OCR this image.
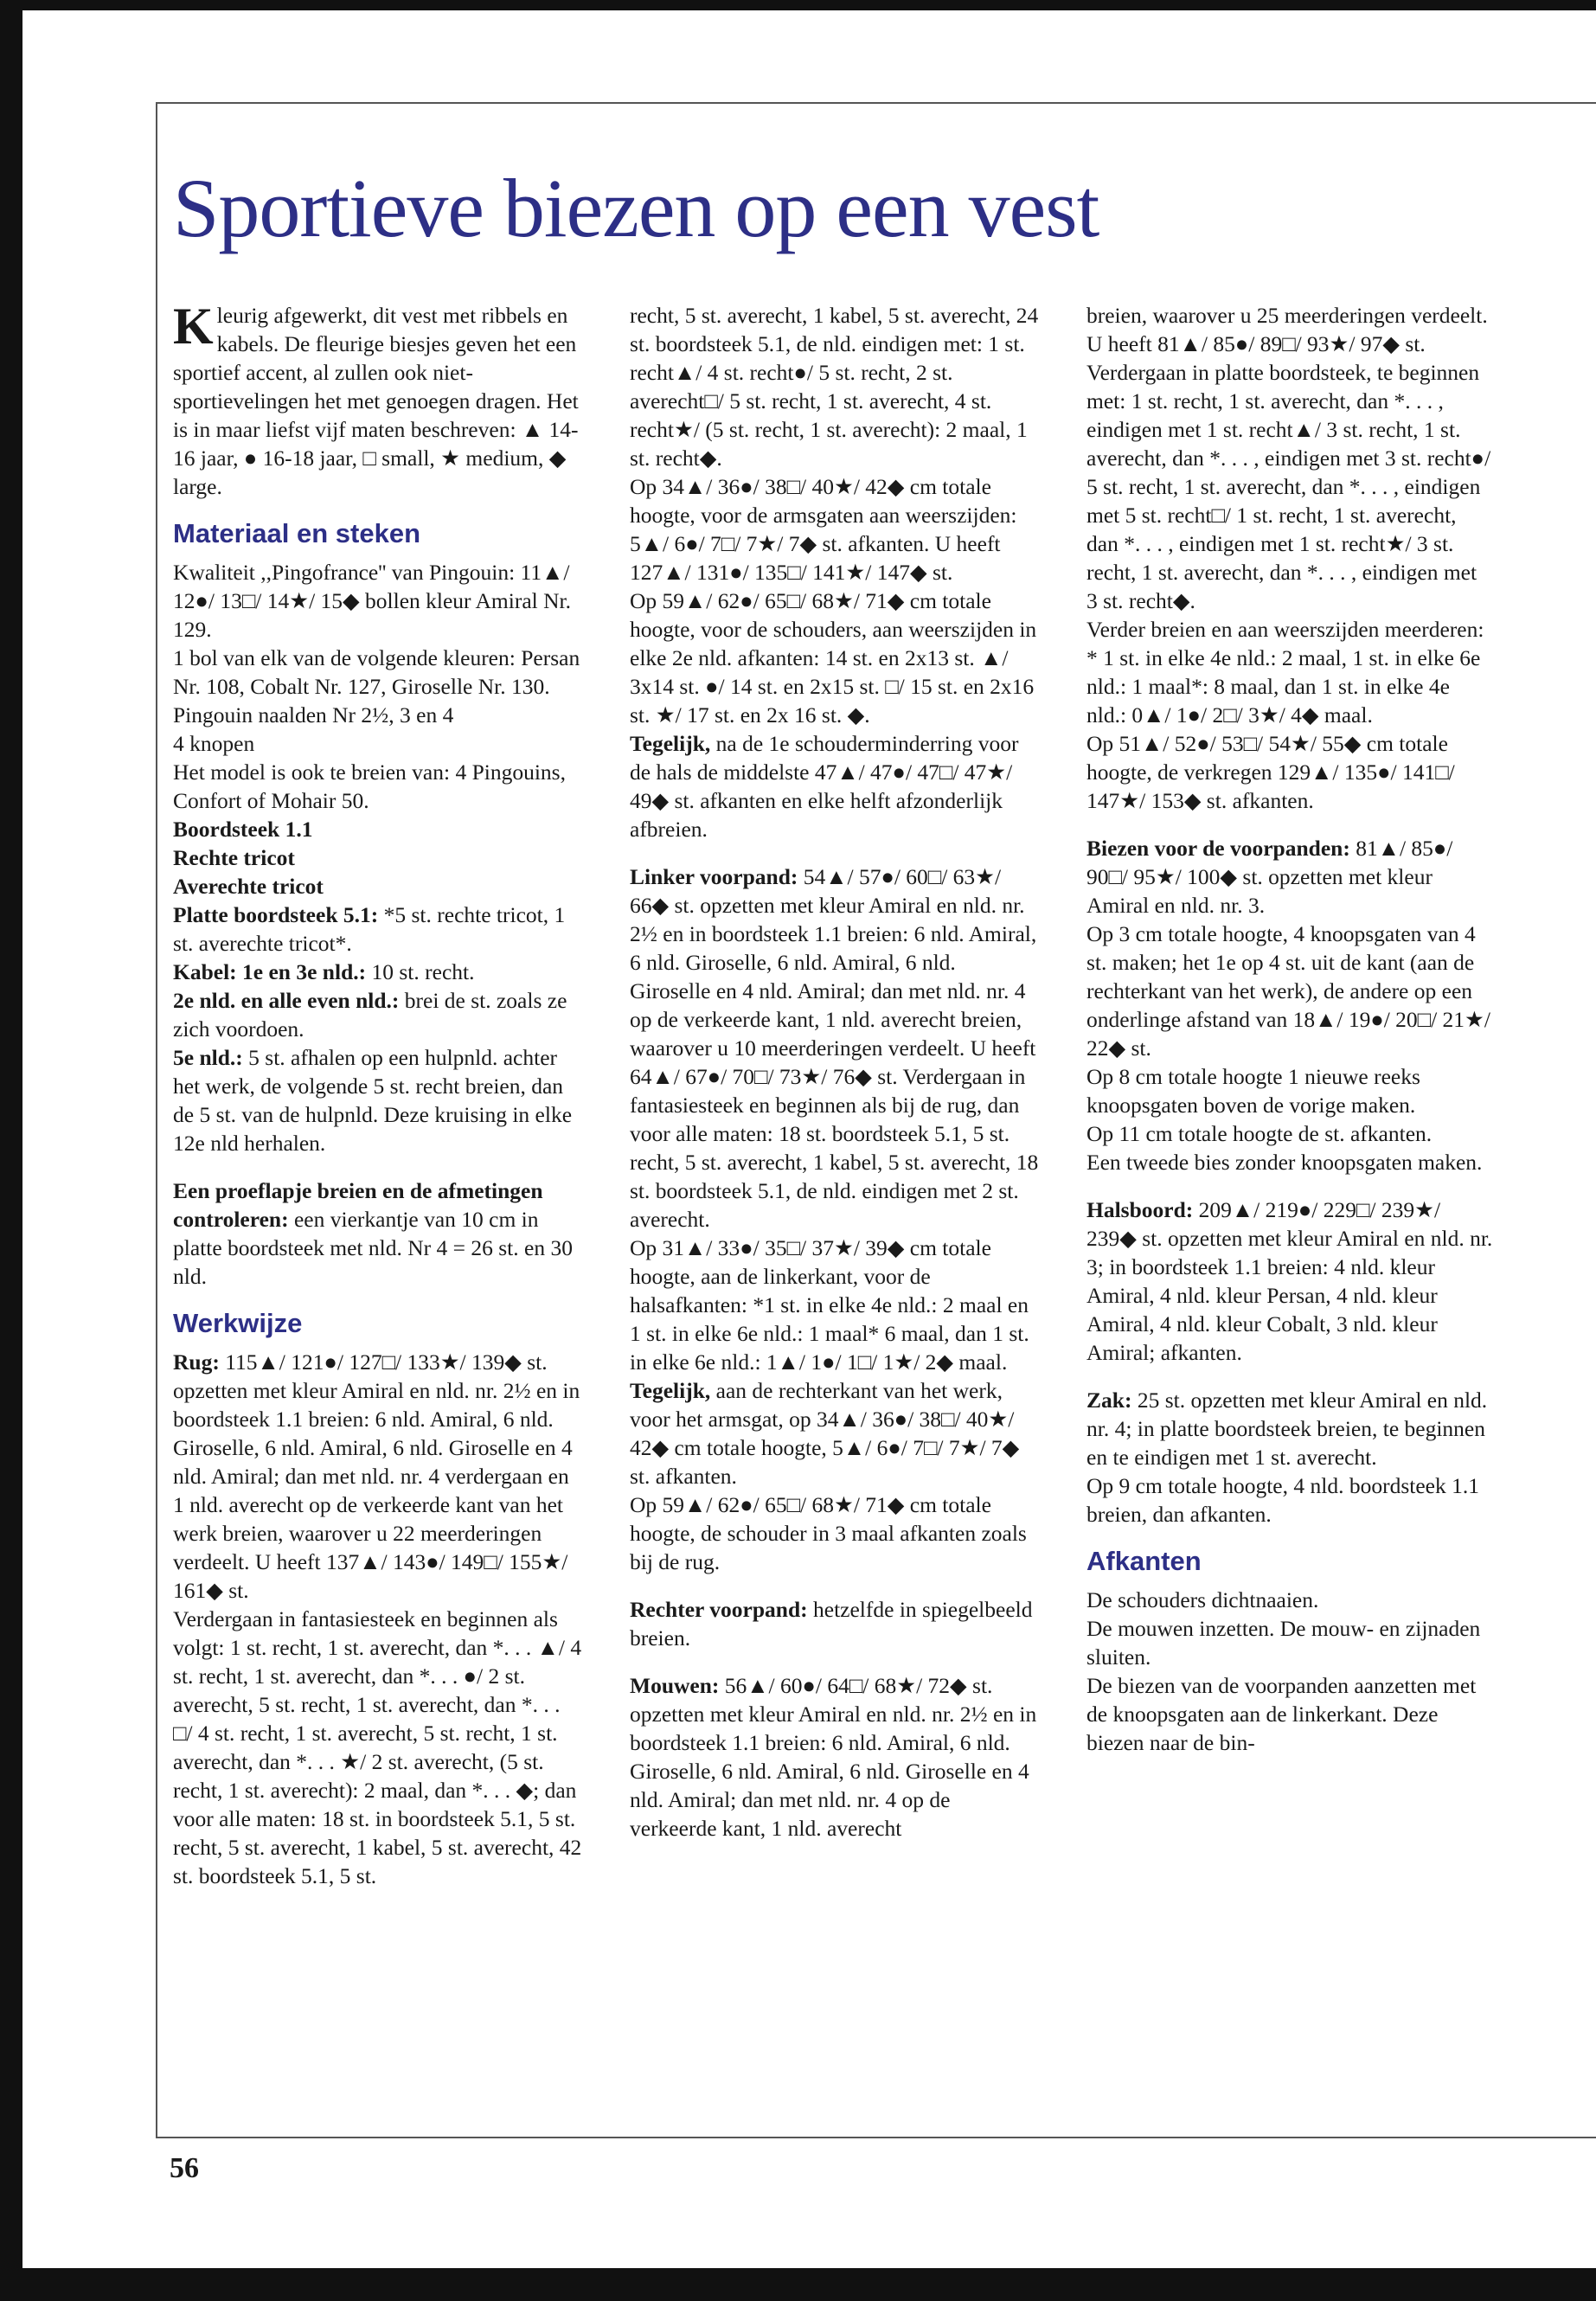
Sportieve biezen op een vest

Kleurig afgewerkt, dit vest met ribbels en kabels. De fleurige biesjes geven het een sportief accent, al zullen ook niet-sportievelingen het met genoegen dragen. Het is in maar liefst vijf maten beschreven: ▲ 14-16 jaar, ● 16-18 jaar, □ small, ★ medium, ◆ large.

Materiaal en steken

Kwaliteit ,,Pingofrance'' van Pingouin: 11▲/ 12●/ 13□/ 14★/ 15◆ bollen kleur Amiral Nr. 129.

1 bol van elk van de volgende kleuren: Persan Nr. 108, Cobalt Nr. 127, Giroselle Nr. 130.

Pingouin naalden Nr 2½, 3 en 4

4 knopen

Het model is ook te breien van: 4 Pingouins, Confort of Mohair 50.

Boordsteek 1.1

Rechte tricot

Averechte tricot

Platte boordsteek 5.1: *5 st. rechte tricot, 1 st. averechte tricot*.

Kabel: 1e en 3e nld.: 10 st. recht.

2e nld. en alle even nld.: brei de st. zoals ze zich voordoen.

5e nld.: 5 st. afhalen op een hulpnld. achter het werk, de volgende 5 st. recht breien, dan de 5 st. van de hulpnld. Deze kruising in elke 12e nld herhalen.

Een proeflapje breien en de afmetingen controleren: een vierkantje van 10 cm in platte boordsteek met nld. Nr 4 = 26 st. en 30 nld.

Werkwijze

Rug: 115▲/ 121●/ 127□/ 133★/ 139◆ st. opzetten met kleur Amiral en nld. nr. 2½ en in boordsteek 1.1 breien: 6 nld. Amiral, 6 nld. Giroselle, 6 nld. Amiral, 6 nld. Giroselle en 4 nld. Amiral; dan met nld. nr. 4 verdergaan en 1 nld. averecht op de verkeerde kant van het werk breien, waarover u 22 meerderingen verdeelt. U heeft 137▲/ 143●/ 149□/ 155★/ 161◆ st.

Verdergaan in fantasiesteek en beginnen als volgt: 1 st. recht, 1 st. averecht, dan *. . . ▲/ 4 st. recht, 1 st. averecht, dan *. . . ●/ 2 st. averecht, 5 st. recht, 1 st. averecht, dan *. . . □/ 4 st. recht, 1 st. averecht, 5 st. recht, 1 st. averecht, dan *. . . ★/ 2 st. averecht, (5 st. recht, 1 st. averecht): 2 maal, dan *. . . ◆; dan voor alle maten: 18 st. in boordsteek 5.1, 5 st. recht, 5 st. averecht, 1 kabel, 5 st. averecht, 42 st. boordsteek 5.1, 5 st.

recht, 5 st. averecht, 1 kabel, 5 st. averecht, 24 st. boordsteek 5.1, de nld. eindigen met: 1 st. recht▲/ 4 st. recht●/ 5 st. recht, 2 st. averecht□/ 5 st. recht, 1 st. averecht, 4 st. recht★/ (5 st. recht, 1 st. averecht): 2 maal, 1 st. recht◆.

Op 34▲/ 36●/ 38□/ 40★/ 42◆ cm totale hoogte, voor de armsgaten aan weerszijden: 5▲/ 6●/ 7□/ 7★/ 7◆ st. afkanten. U heeft 127▲/ 131●/ 135□/ 141★/ 147◆ st.

Op 59▲/ 62●/ 65□/ 68★/ 71◆ cm totale hoogte, voor de schouders, aan weerszijden in elke 2e nld. afkanten: 14 st. en 2x13 st. ▲/ 3x14 st. ●/ 14 st. en 2x15 st. □/ 15 st. en 2x16 st. ★/ 17 st. en 2x 16 st. ◆.

Tegelijk, na de 1e schouderminderring voor de hals de middelste 47▲/ 47●/ 47□/ 47★/ 49◆ st. afkanten en elke helft afzonderlijk afbreien.

Linker voorpand: 54▲/ 57●/ 60□/ 63★/ 66◆ st. opzetten met kleur Amiral en nld. nr. 2½ en in boordsteek 1.1 breien: 6 nld. Amiral, 6 nld. Giroselle, 6 nld. Amiral, 6 nld. Giroselle en 4 nld. Amiral; dan met nld. nr. 4 op de verkeerde kant, 1 nld. averecht breien, waarover u 10 meerderingen verdeelt. U heeft 64▲/ 67●/ 70□/ 73★/ 76◆ st. Verdergaan in fantasiesteek en beginnen als bij de rug, dan voor alle maten: 18 st. boordsteek 5.1, 5 st. recht, 5 st. averecht, 1 kabel, 5 st. averecht, 18 st. boordsteek 5.1, de nld. eindigen met 2 st. averecht.

Op 31▲/ 33●/ 35□/ 37★/ 39◆ cm totale hoogte, aan de linkerkant, voor de halsafkanten: *1 st. in elke 4e nld.: 2 maal en 1 st. in elke 6e nld.: 1 maal* 6 maal, dan 1 st. in elke 6e nld.: 1▲/ 1●/ 1□/ 1★/ 2◆ maal.

Tegelijk, aan de rechterkant van het werk, voor het armsgat, op 34▲/ 36●/ 38□/ 40★/ 42◆ cm totale hoogte, 5▲/ 6●/ 7□/ 7★/ 7◆ st. afkanten.

Op 59▲/ 62●/ 65□/ 68★/ 71◆ cm totale hoogte, de schouder in 3 maal afkanten zoals bij de rug.

Rechter voorpand: hetzelfde in spiegelbeeld breien.

Mouwen: 56▲/ 60●/ 64□/ 68★/ 72◆ st. opzetten met kleur Amiral en nld. nr. 2½ en in boordsteek 1.1 breien: 6 nld. Amiral, 6 nld. Giroselle, 6 nld. Amiral, 6 nld. Giroselle en 4 nld. Amiral; dan met nld. nr. 4 op de verkeerde kant, 1 nld. averecht

breien, waarover u 25 meerderingen verdeelt. U heeft 81▲/ 85●/ 89□/ 93★/ 97◆ st.

Verdergaan in platte boordsteek, te beginnen met: 1 st. recht, 1 st. averecht, dan *. . . , eindigen met 1 st. recht▲/ 3 st. recht, 1 st. averecht, dan *. . . , eindigen met 3 st. recht●/ 5 st. recht, 1 st. averecht, dan *. . . , eindigen met 5 st. recht□/ 1 st. recht, 1 st. averecht, dan *. . . , eindigen met 1 st. recht★/ 3 st. recht, 1 st. averecht, dan *. . . , eindigen met 3 st. recht◆.

Verder breien en aan weerszijden meerderen: * 1 st. in elke 4e nld.: 2 maal, 1 st. in elke 6e nld.: 1 maal*: 8 maal, dan 1 st. in elke 4e nld.: 0▲/ 1●/ 2□/ 3★/ 4◆ maal.

Op 51▲/ 52●/ 53□/ 54★/ 55◆ cm totale hoogte, de verkregen 129▲/ 135●/ 141□/ 147★/ 153◆ st. afkanten.

Biezen voor de voorpanden: 81▲/ 85●/ 90□/ 95★/ 100◆ st. opzetten met kleur Amiral en nld. nr. 3.

Op 3 cm totale hoogte, 4 knoopsgaten van 4 st. maken; het 1e op 4 st. uit de kant (aan de rechterkant van het werk), de andere op een onderlinge afstand van 18▲/ 19●/ 20□/ 21★/ 22◆ st.

Op 8 cm totale hoogte 1 nieuwe reeks knoopsgaten boven de vorige maken.

Op 11 cm totale hoogte de st. afkanten.

Een tweede bies zonder knoopsgaten maken.

Halsboord: 209▲/ 219●/ 229□/ 239★/ 239◆ st. opzetten met kleur Amiral en nld. nr. 3; in boordsteek 1.1 breien: 4 nld. kleur Amiral, 4 nld. kleur Persan, 4 nld. kleur Amiral, 4 nld. kleur Cobalt, 3 nld. kleur Amiral; afkanten.

Zak: 25 st. opzetten met kleur Amiral en nld. nr. 4; in platte boordsteek breien, te beginnen en te eindigen met 1 st. averecht.

Op 9 cm totale hoogte, 4 nld. boordsteek 1.1 breien, dan afkanten.

Afkanten

De schouders dichtnaaien.

De mouwen inzetten. De mouw- en zijnaden sluiten.

De biezen van de voorpanden aanzetten met de knoopsgaten aan de linkerkant. Deze biezen naar de bin-

56
